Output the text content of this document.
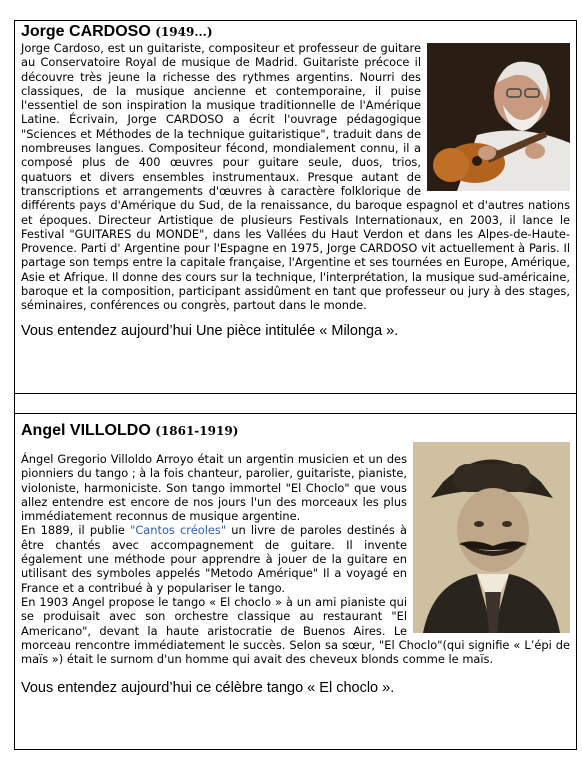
Jorge CARDOSO (1949...)

Jorge Cardoso, est un guitariste, compositeur et professeur de guitare au Conservatoire Royal de musique de Madrid. Guitariste précoce il découvre très jeune la richesse des rythmes argentins. Nourri des classiques, de la musique ancienne et contemporaine, il puise l'essentiel de son inspiration la musique traditionnelle de l'Amérique Latine. Écrivain, Jorge CARDOSO a écrit l'ouvrage pédagogique "Sciences et Méthodes de la technique guitaristique", traduit dans de nombreuses langues. Compositeur fécond, mondialement connu, il a composé plus de 400 œuvres pour guitare seule, duos, trios, quatuors et divers ensembles instrumentaux. Presque autant de transcriptions et arrangements d'œuvres à caractère folklorique de différents pays d'Amérique du Sud, de la renaissance, du baroque espagnol et d'autres nations et époques. Directeur Artistique de plusieurs Festivals Internationaux, en 2003, il lance le Festival "GUITARES du MONDE", dans les Vallées du Haut Verdon et dans les Alpes-de-Haute-Provence. Parti d' Argentine pour l'Espagne en 1975, Jorge CARDOSO vit actuellement à Paris. Il partage son temps entre la capitale française, l'Argentine et ses tournées en Europe, Amérique, Asie et Afrique. Il donne des cours sur la technique, l'interprétation, la musique sud-américaine, baroque et la composition, participant assidûment en tant que professeur ou jury à des stages, séminaires, conférences ou congrès, partout dans le monde.

Vous entendez aujourd’hui Une pièce intitulée « Milonga ».
Angel VILLOLDO (1861-1919)

Ángel Gregorio Villoldo Arroyo était un argentin musicien et un des pionniers du tango ; à la fois chanteur, parolier, guitariste, pianiste, violoniste, harmoniciste. Son tango immortel "El Choclo" que vous allez entendre est encore de nos jours l'un des morceaux les plus immédiatement reconnus de musique argentine.

En 1889, il publie "Cantos créoles" un livre de paroles destinés à être chantés avec accompagnement de guitare. Il invente également une méthode pour apprendre à jouer de la guitare en utilisant des symboles appelés "Metodo Amérique" Il a voyagé en France et a contribué à y populariser le tango.

En 1903 Angel propose le tango « El choclo » à un ami pianiste qui se produisait avec son orchestre classique au restaurant "El Americano", devant la haute aristocratie de Buenos Aires. Le morceau rencontre immédiatement le succès. Selon sa sœur, "El Choclo"(qui signifie « L’épi de maïs ») était le surnom d'un homme qui avait des cheveux blonds comme le maïs.

Vous entendez aujourd’hui ce célèbre tango « El choclo ».
